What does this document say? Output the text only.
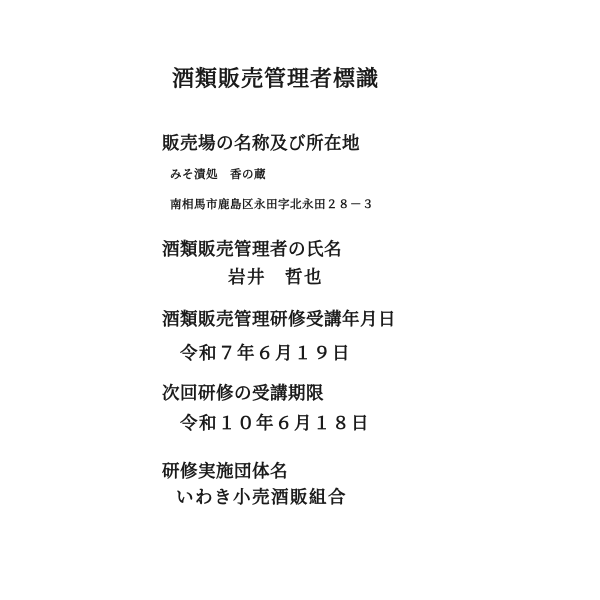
酒類販売管理者標識
販売場の名称及び所在地
みそ漬処　香の蔵
南相馬市鹿島区永田字北永田２８－３
酒類販売管理者の氏名
岩井　哲也
酒類販売管理研修受講年月日
令和７年６月１９日
次回研修の受講期限
令和１０年６月１８日
研修実施団体名
いわき小売酒販組合
